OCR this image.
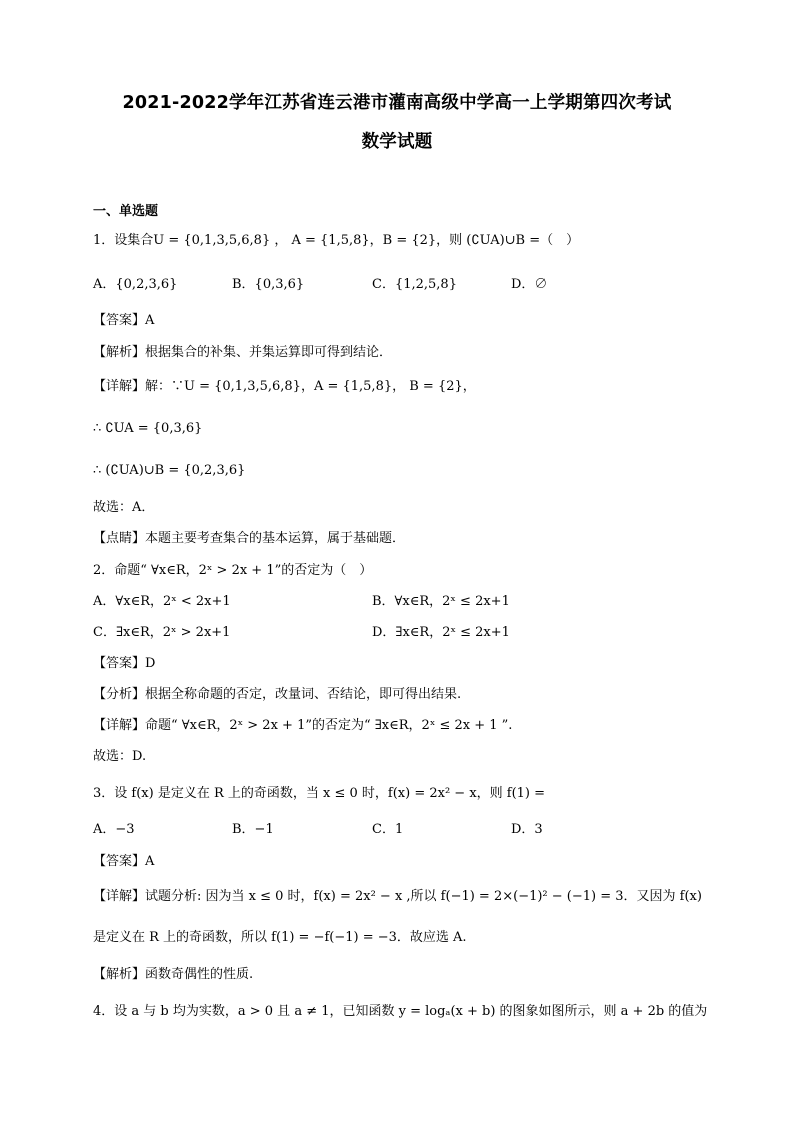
2021-2022学年江苏省连云港市灌南高级中学高一上学期第四次考试
数学试题
一、单选题
1．设集合U = {0,1,3,5,6,8} ， A = {1,5,8}，B = {2}，则 (∁UA)∪B =（　）
A．{0,2,3,6}	B．{0,3,6}	C．{1,2,5,8}	D．∅
【答案】A
【解析】根据集合的补集、并集运算即可得到结论．
【详解】解：∵U = {0,1,3,5,6,8}，A = {1,5,8}， B = {2}，
∴ ∁UA = {0,3,6}
∴ (∁UA)∪B = {0,2,3,6}
故选：A．
【点睛】本题主要考查集合的基本运算，属于基础题．
2．命题“ ∀x∈R，2ˣ > 2x + 1”的否定为（　）
A．∀x∈R，2ˣ < 2x+1	B．∀x∈R，2ˣ ≤ 2x+1
C．∃x∈R，2ˣ > 2x+1	D．∃x∈R，2ˣ ≤ 2x+1
【答案】D
【分析】根据全称命题的否定，改量词、否结论，即可得出结果.
【详解】命题“ ∀x∈R，2ˣ > 2x + 1”的否定为“ ∃x∈R，2ˣ ≤ 2x + 1 ”.
故选：D.
3．设 f(x) 是定义在 R 上的奇函数，当 x ≤ 0 时，f(x) = 2x² − x，则 f(1) =
A．−3	B．−1	C．1	D．3
【答案】A
【详解】试题分析: 因为当 x ≤ 0 时，f(x) = 2x² − x ,所以 f(−1) = 2×(−1)² − (−1) = 3．又因为 f(x)
是定义在 R 上的奇函数，所以 f(1) = −f(−1) = −3．故应选 A.
【解析】函数奇偶性的性质.
4．设 a 与 b 均为实数，a > 0 且 a ≠ 1，已知函数 y = logₐ(x + b) 的图象如图所示，则 a + 2b 的值为
